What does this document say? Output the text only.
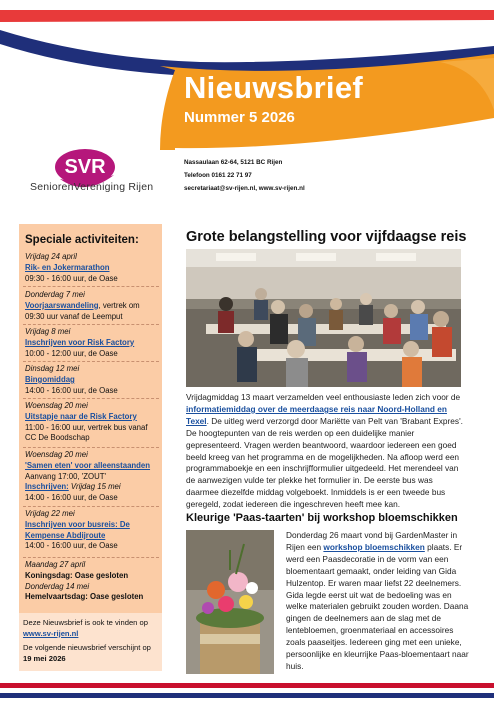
Nieuwsbrief
Nummer 5 2026
SVR
SeniorenVereniging Rijen
Nassaulaan 62-64, 5121 BC Rijen
Telefoon 0161 22 71 97
secretariaat@sv-rijen.nl, www.sv-rijen.nl
Speciale activiteiten:
Vrijdag 24 april
Rik- en Jokermarathon
09:30 - 16:00 uur, de Oase
Donderdag 7 mei
Voorjaarswandeling, vertrek om 09:30 uur vanaf de Leemput
Vrijdag 8 mei
Inschrijven voor Risk Factory
10:00 - 12:00 uur, de Oase
Dinsdag 12 mei
Bingomiddag
14:00 - 16:00 uur, de Oase
Woensdag 20 mei
Uitstapje naar de Risk Factory
11:00 - 16:00 uur, vertrek bus vanaf CC De Boodschap
Woensdag 20 mei
'Samen eten' voor alleenstaanden
Aanvang 17:00, 'ZOUT'
Inschrijven: Vrijdag 15 mei
14:00 - 16:00 uur, de Oase
Vrijdag 22 mei
Inschrijven voor busreis: De Kempense Abdijroute
14:00 - 16:00 uur, de Oase
Maandag 27 april
Koningsdag: Oase gesloten
Donderdag 14 mei
Hemelvaartsdag: Oase gesloten
Deze Nieuwsbrief is ook te vinden op www.sv-rijen.nl
De volgende nieuwsbrief verschijnt op 19 mei 2026
Grote belangstelling voor vijfdaagse reis
Vrijdagmiddag 13 maart verzamelden veel enthousiaste leden zich voor de informatiemiddag over de meerdaagse reis naar Noord-Holland en Texel. De uitleg werd verzorgd door Mariëtte van Pelt van 'Brabant Expres'. De hoogtepunten van de reis werden op een duidelijke manier gepresenteerd. Vragen werden beantwoord, waardoor iedereen een goed beeld kreeg van het programma en de mogelijkheden. Na afloop werd een programmaboekje en een inschrijfformulier uitgedeeld. Het merendeel van de aanwezigen vulde ter plekke het formulier in. De eerste bus was daarmee diezelfde middag volgeboekt. Inmiddels is er een tweede bus geregeld, zodat iedereen die ingeschreven heeft mee kan.
Kleurige 'Paas-taarten' bij workshop bloemschikken
Donderdag 26 maart vond bij GardenMaster in Rijen een workshop bloemschikken plaats. Er werd een Paasdecoratie in de vorm van een bloementaart gemaakt, onder leiding van Gida Hulzentop. Er waren maar liefst 22 deelnemers. Gida legde eerst uit wat de bedoeling was en welke materialen gebruikt zouden worden. Daana gingen de deelnemers aan de slag met de lentebloemen, groenmateriaal en accessoires zoals paaseitjes. Iedereen ging met een unieke, persoonlijke en kleurrijke Paas-bloementaart naar huis.
